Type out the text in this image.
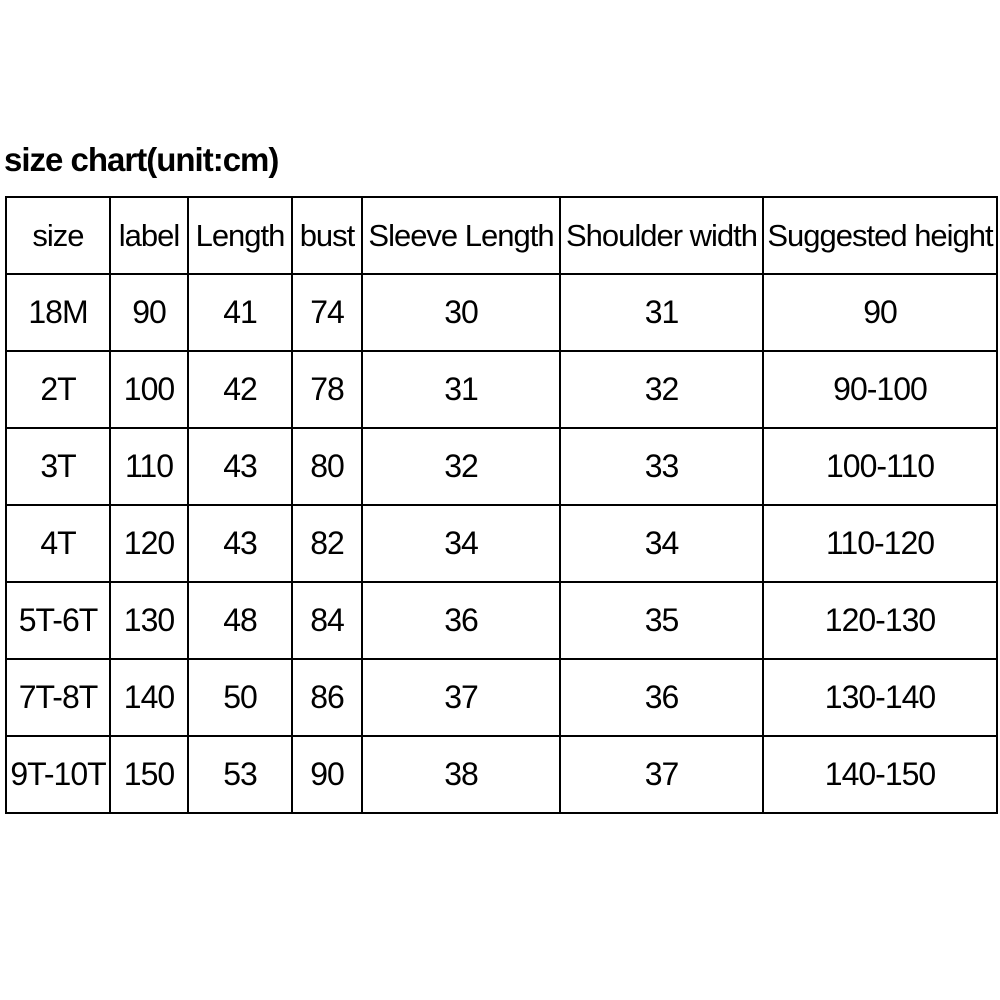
size chart(unit:cm)
size	label	Length	bust	Sleeve Length	Shoulder width	Suggested height
18M	90	41	74	30	31	90
2T	100	42	78	31	32	90-100
3T	110	43	80	32	33	100-110
4T	120	43	82	34	34	110-120
5T-6T	130	48	84	36	35	120-130
7T-8T	140	50	86	37	36	130-140
9T-10T	150	53	90	38	37	140-150
